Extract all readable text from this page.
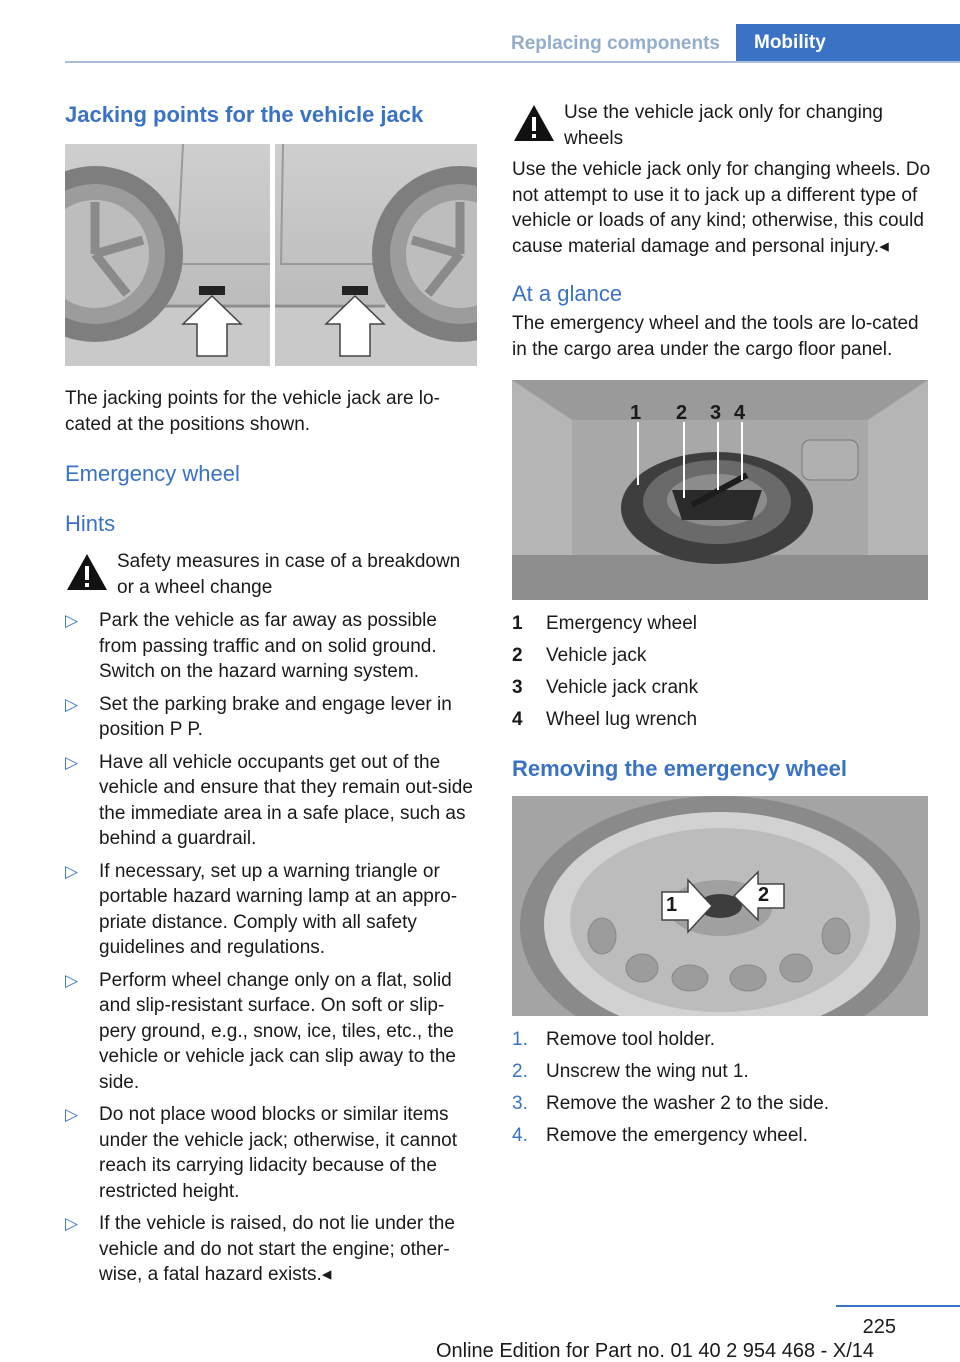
Replacing components	Mobility
Jacking points for the vehicle jack

The jacking points for the vehicle jack are lo-cated at the positions shown.

Emergency wheel
Hints
Safety measures in case of a breakdown or a wheel change
▷ Park the vehicle as far away as possible from passing traffic and on solid ground. Switch on the hazard warning system.
▷ Set the parking brake and engage lever in position P P.
▷ Have all vehicle occupants get out of the vehicle and ensure that they remain out-side the immediate area in a safe place, such as behind a guardrail.
▷ If necessary, set up a warning triangle or portable hazard warning lamp at an appro-priate distance. Comply with all safety guidelines and regulations.
▷ Perform wheel change only on a flat, solid and slip-resistant surface. On soft or slip-pery ground, e.g., snow, ice, tiles, etc., the vehicle or vehicle jack can slip away to the side.
▷ Do not place wood blocks or similar items under the vehicle jack; otherwise, it cannot reach its carrying lidacity because of the restricted height.
▷ If the vehicle is raised, do not lie under the vehicle and do not start the engine; other-wise, a fatal hazard exists.◂
Use the vehicle jack only for changing wheels

Use the vehicle jack only for changing wheels. Do not attempt to use it to jack up a different type of vehicle or loads of any kind; otherwise, this could cause material damage and personal injury.◂

At a glance

The emergency wheel and the tools are lo-cated in the cargo area under the cargo floor panel.

1 2 3 4
1	Emergency wheel
2	Vehicle jack
3	Vehicle jack crank
4	Wheel lug wrench
Removing the emergency wheel
1	2
1. Remove tool holder.
2. Unscrew the wing nut 1.
3. Remove the washer 2 to the side.
4. Remove the emergency wheel.
225
Online Edition for Part no. 01 40 2 954 468 - X/14
